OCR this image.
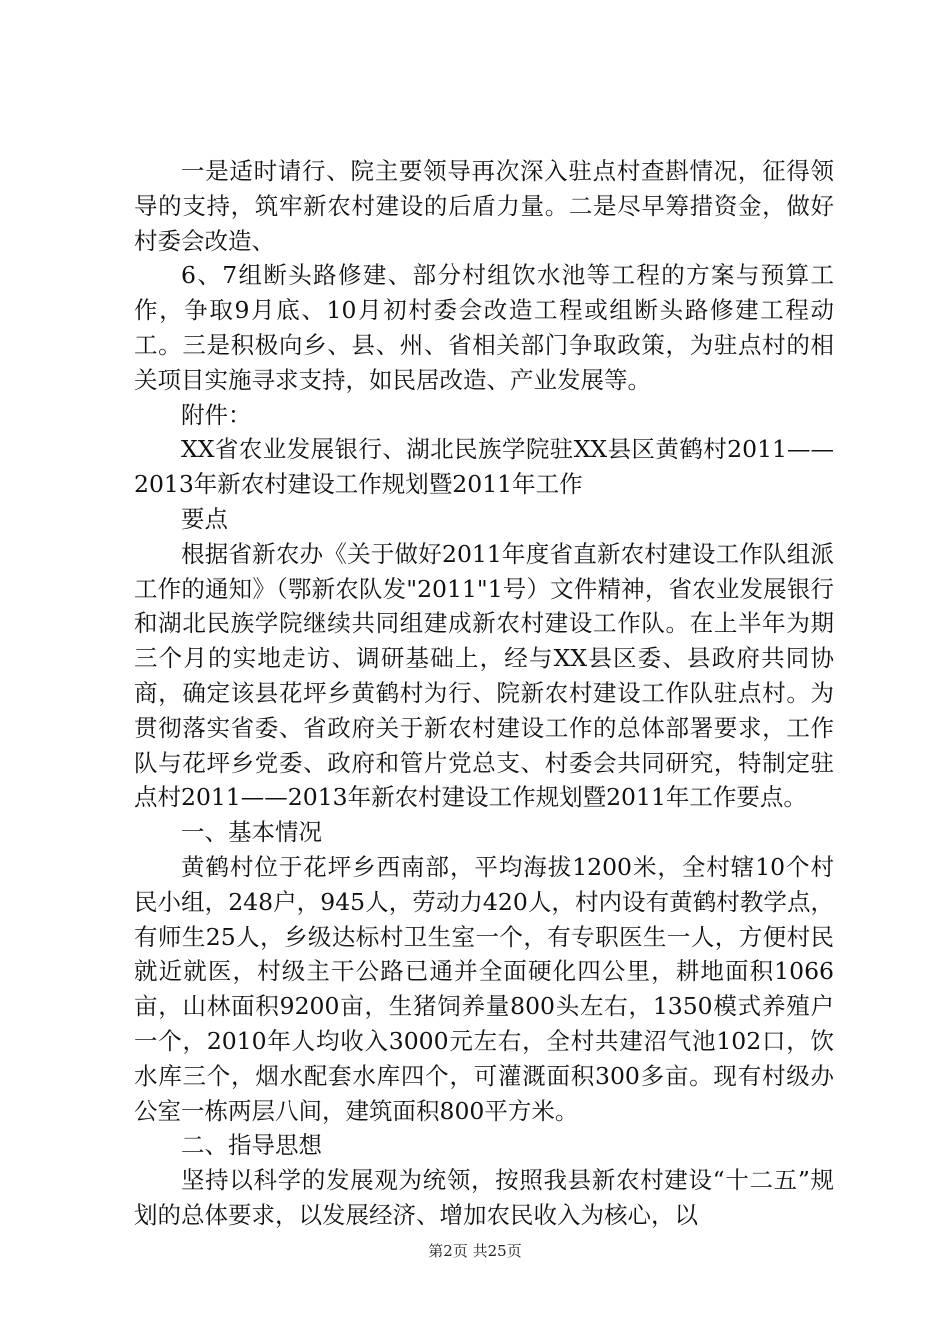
一是适时请行、院主要领导再次深入驻点村查斟情况，征得领导的支持，筑牢新农村建设的后盾力量。二是尽早筹措资金，做好村委会改造、

6、7组断头路修建、部分村组饮水池等工程的方案与预算工作，争取9月底、10月初村委会改造工程或组断头路修建工程动工。三是积极向乡、县、州、省相关部门争取政策，为驻点村的相关项目实施寻求支持，如民居改造、产业发展等。

附件：

XX省农业发展银行、湖北民族学院驻XX县区黄鹤村2011——2013年新农村建设工作规划暨2011年工作

要点

根据省新农办《关于做好2011年度省直新农村建设工作队组派工作的通知》（鄂新农队发"2011"1号）文件精神，省农业发展银行和湖北民族学院继续共同组建成新农村建设工作队。在上半年为期三个月的实地走访、调研基础上，经与XX县区委、县政府共同协商，确定该县花坪乡黄鹤村为行、院新农村建设工作队驻点村。为贯彻落实省委、省政府关于新农村建设工作的总体部署要求，工作队与花坪乡党委、政府和管片党总支、村委会共同研究，特制定驻点村2011——2013年新农村建设工作规划暨2011年工作要点。

一、基本情况

黄鹤村位于花坪乡西南部，平均海拔1200米，全村辖10个村民小组，248户，945人，劳动力420人，村内设有黄鹤村教学点，有师生25人，乡级达标村卫生室一个，有专职医生一人，方便村民就近就医，村级主干公路已通并全面硬化四公里，耕地面积1066亩，山林面积9200亩，生猪饲养量800头左右，1350模式养殖户一个，2010年人均收入3000元左右，全村共建沼气池102口，饮水库三个，烟水配套水库四个，可灌溉面积300多亩。现有村级办公室一栋两层八间，建筑面积800平方米。

二、指导思想

坚持以科学的发展观为统领，按照我县新农村建设“十二五”规划的总体要求，以发展经济、增加农民收入为核心，以

第2页 共25页
